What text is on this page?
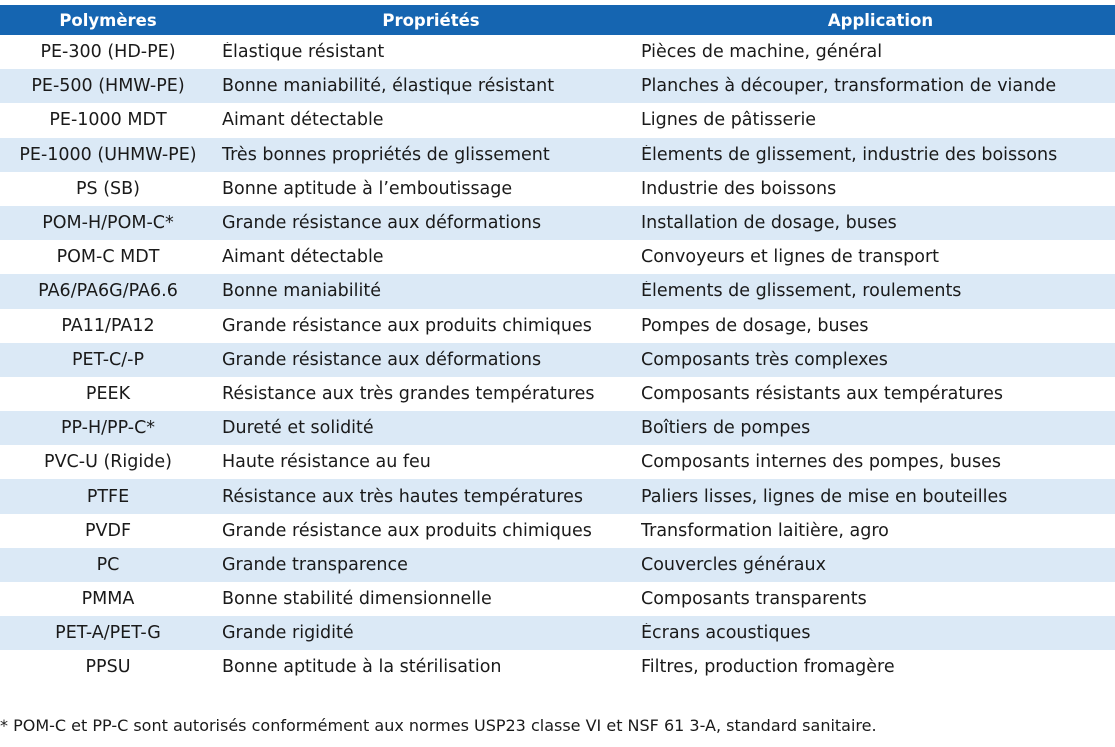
Polymères	Propriétés	Application
PE-300 (HD-PE)	Élastique résistant	Pièces de machine, général
PE-500 (HMW-PE)	Bonne maniabilité, élastique résistant	Planches à découper, transformation de viande
PE-1000 MDT	Aimant détectable	Lignes de pâtisserie
PE-1000 (UHMW-PE)	Très bonnes propriétés de glissement	Élements de glissement, industrie des boissons
PS (SB)	Bonne aptitude à l’emboutissage	Industrie des boissons
POM-H/POM-C*	Grande résistance aux déformations	Installation de dosage, buses
POM-C MDT	Aimant détectable	Convoyeurs et lignes de transport
PA6/PA6G/PA6.6	Bonne maniabilité	Élements de glissement, roulements
PA11/PA12	Grande résistance aux produits chimiques	Pompes de dosage, buses
PET-C/-P	Grande résistance aux déformations	Composants très complexes
PEEK	Résistance aux très grandes températures	Composants résistants aux températures
PP-H/PP-C*	Dureté et solidité	Boîtiers de pompes
PVC-U (Rigide)	Haute résistance au feu	Composants internes des pompes, buses
PTFE	Résistance aux très hautes températures	Paliers lisses, lignes de mise en bouteilles
PVDF	Grande résistance aux produits chimiques	Transformation laitière, agro
PC	Grande transparence	Couvercles généraux
PMMA	Bonne stabilité dimensionnelle	Composants transparents
PET-A/PET-G	Grande rigidité	Écrans acoustiques
PPSU	Bonne aptitude à la stérilisation	Filtres, production fromagère
* POM-C et PP-C sont autorisés conformément aux normes USP23 classe VI et NSF 61 3-A, standard sanitaire.
